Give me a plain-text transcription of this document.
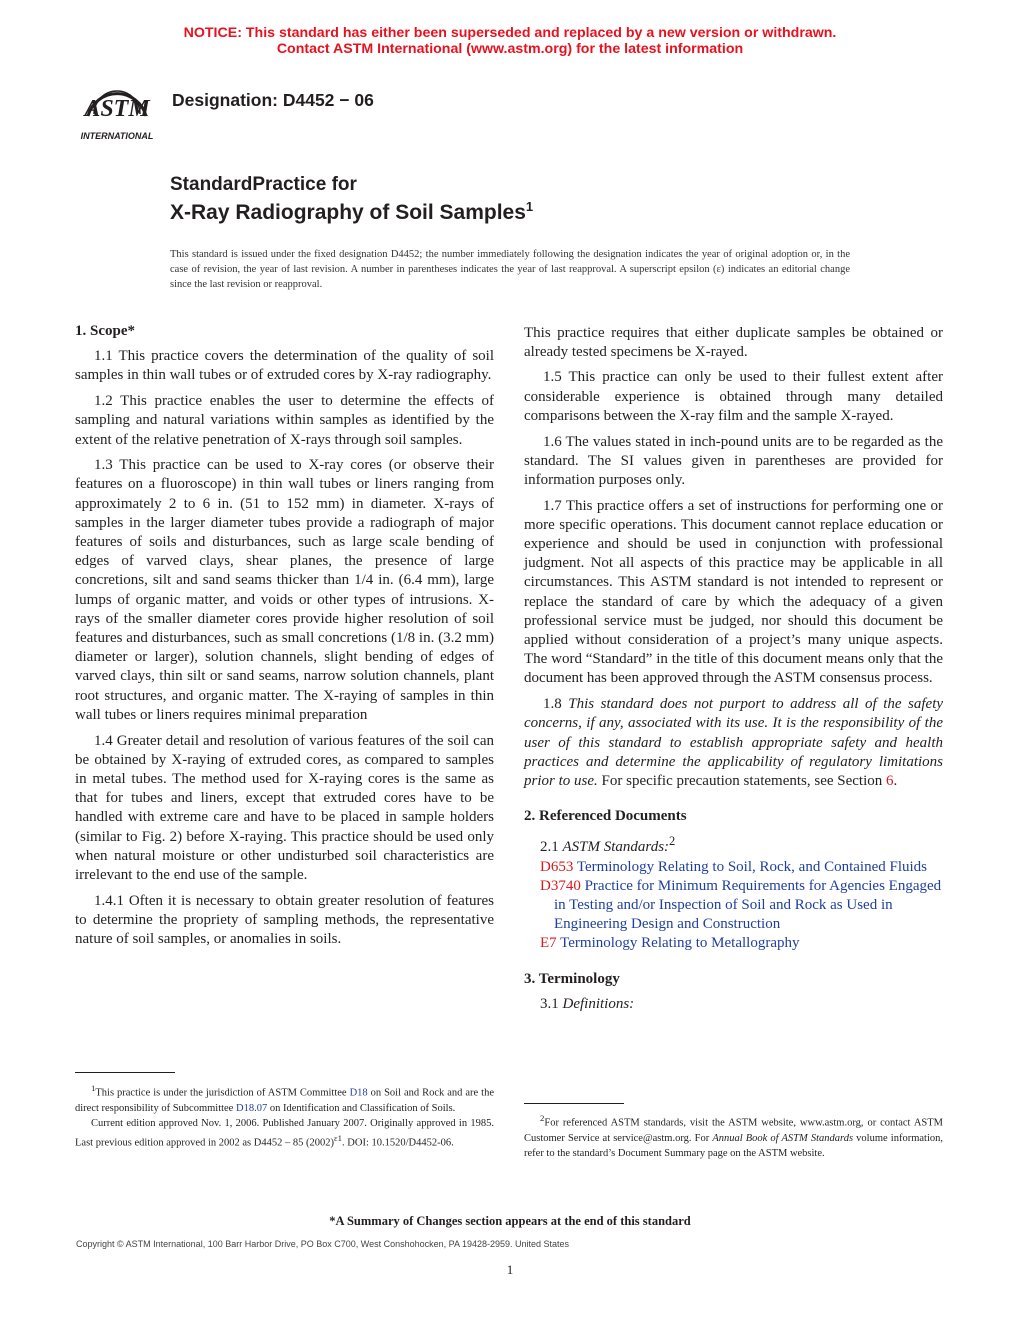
NOTICE: This standard has either been superseded and replaced by a new version or withdrawn.
Contact ASTM International (www.astm.org) for the latest information
ASTM
INTERNATIONAL
Designation: D4452 − 06
StandardPractice for
X-Ray Radiography of Soil Samples$^1$
This standard is issued under the fixed designation D4452; the number immediately following the designation indicates the year of original adoption or, in the case of revision, the year of last revision. A number in parentheses indicates the year of last reapproval. A superscript epsilon (ε) indicates an editorial change since the last revision or reapproval.
1. Scope*

1.1 This practice covers the determination of the quality of soil samples in thin wall tubes or of extruded cores by X-ray radiography.

1.2 This practice enables the user to determine the effects of sampling and natural variations within samples as identified by the extent of the relative penetration of X-rays through soil samples.

1.3 This practice can be used to X-ray cores (or observe their features on a fluoroscope) in thin wall tubes or liners ranging from approximately 2 to 6 in. (51 to 152 mm) in diameter. X-rays of samples in the larger diameter tubes provide a radiograph of major features of soils and disturbances, such as large scale bending of edges of varved clays, shear planes, the presence of large concretions, silt and sand seams thicker than 1/4 in. (6.4 mm), large lumps of organic matter, and voids or other types of intrusions. X-rays of the smaller diameter cores provide higher resolution of soil features and disturbances, such as small concretions (1/8 in. (3.2 mm) diameter or larger), solution channels, slight bending of edges of varved clays, thin silt or sand seams, narrow solution channels, plant root structures, and organic matter. The X-raying of samples in thin wall tubes or liners requires minimal preparation

1.4 Greater detail and resolution of various features of the soil can be obtained by X-raying of extruded cores, as compared to samples in metal tubes. The method used for X-raying cores is the same as that for tubes and liners, except that extruded cores have to be handled with extreme care and have to be placed in sample holders (similar to Fig. 2) before X-raying. This practice should be used only when natural moisture or other undisturbed soil characteristics are irrelevant to the end use of the sample.

1.4.1 Often it is necessary to obtain greater resolution of features to determine the propriety of sampling methods, the representative nature of soil samples, or anomalies in soils.

$^1$This practice is under the jurisdiction of ASTM Committee D18 on Soil and Rock and are the direct responsibility of Subcommittee D18.07 on Identification and Classification of Soils.

Current edition approved Nov. 1, 2006. Published January 2007. Originally approved in 1985. Last previous edition approved in 2002 as D4452 – 85 $(2002)^{\varepsilon 1}$. DOI: 10.1520/D4452-06.

This practice requires that either duplicate samples be obtained or already tested specimens be X-rayed.

1.5 This practice can only be used to their fullest extent after considerable experience is obtained through many detailed comparisons between the X-ray film and the sample X-rayed.

1.6 The values stated in inch-pound units are to be regarded as the standard. The SI values given in parentheses are provided for information purposes only.

1.7 This practice offers a set of instructions for performing one or more specific operations. This document cannot replace education or experience and should be used in conjunction with professional judgment. Not all aspects of this practice may be applicable in all circumstances. This ASTM standard is not intended to represent or replace the standard of care by which the adequacy of a given professional service must be judged, nor should this document be applied without consideration of a project’s many unique aspects. The word “Standard” in the title of this document means only that the document has been approved through the ASTM consensus process.

1.8 This standard does not purport to address all of the safety concerns, if any, associated with its use. It is the responsibility of the user of this standard to establish appropriate safety and health practices and determine the applicability of regulatory limitations prior to use. For specific precaution statements, see Section 6.

2. Referenced Documents

2.1 ASTM Standards:$^2$

D653 Terminology Relating to Soil, Rock, and Contained Fluids
D3740 Practice for Minimum Requirements for Agencies Engaged in Testing and/or Inspection of Soil and Rock as Used in Engineering Design and Construction
E7 Terminology Relating to Metallography
3. Terminology

3.1 Definitions:

$^2$For referenced ASTM standards, visit the ASTM website, www.astm.org, or contact ASTM Customer Service at service@astm.org. For Annual Book of ASTM Standards volume information, refer to the standard’s Document Summary page on the ASTM website.

*A Summary of Changes section appears at the end of this standard
Copyright © ASTM International, 100 Barr Harbor Drive, PO Box C700, West Conshohocken, PA 19428-2959. United States
1
